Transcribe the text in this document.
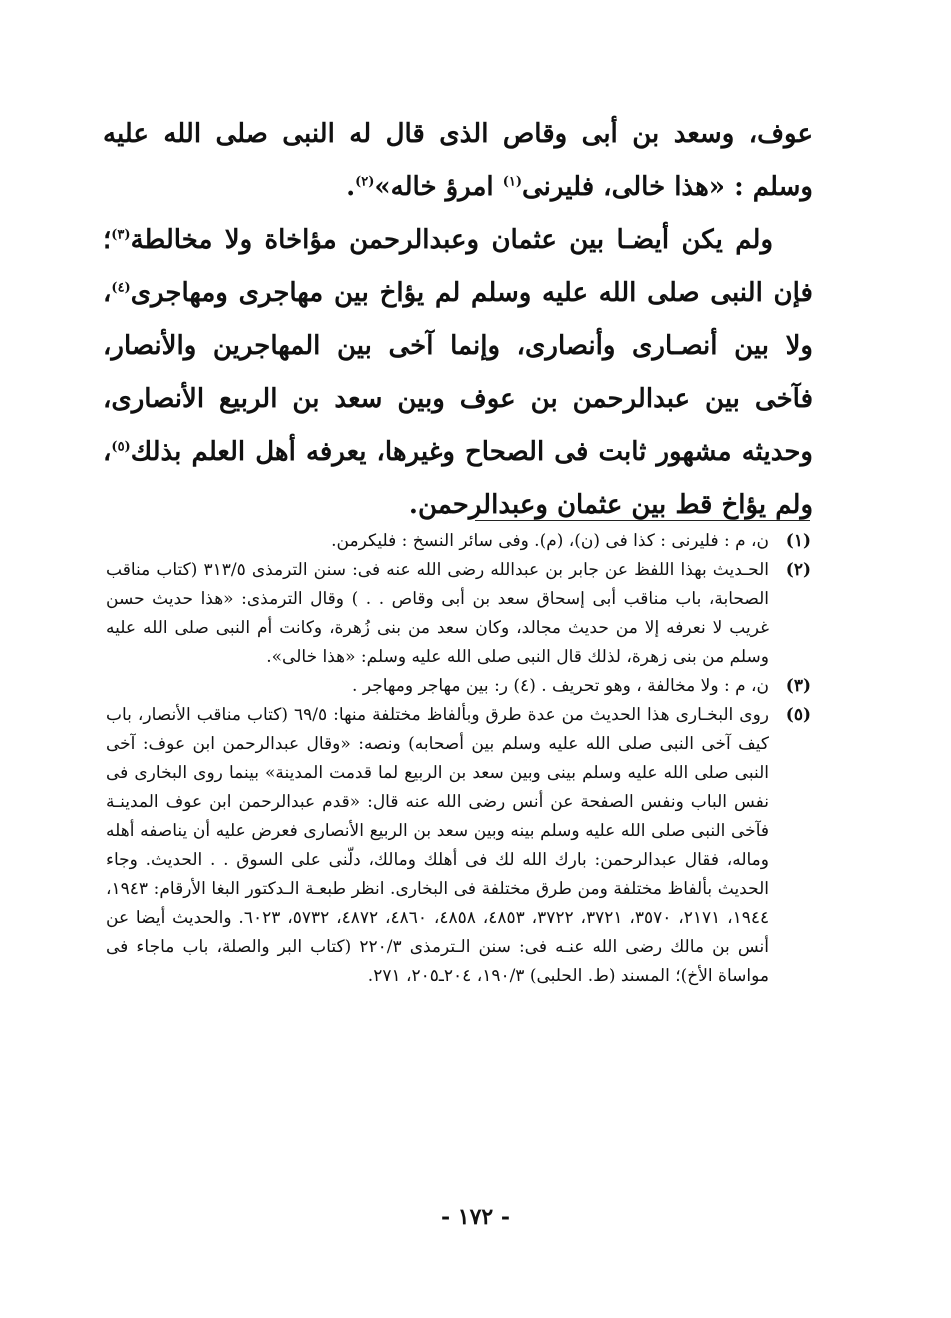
عوف، وسعد بن أبى وقاص الذى قال له النبى صلى الله عليه وسلم : «هذا خالى، فليرنى$^{(١)}$ امرؤ خاله»$^{(٢)}$.

ولم يكن أيضـا بين عثمان وعبدالرحمن مؤاخاة ولا مخالطة$^{(٣)}$؛ فإن النبى صلى الله عليه وسلم لم يؤاخ بين مهاجرى ومهاجرى$^{(٤)}$، ولا بين أنصـارى وأنصارى، وإنما آخى بين المهاجرين والأنصار، فآخى بين عبدالرحمن بن عوف وبين سعد بن الربيع الأنصارى، وحديثه مشهور ثابت فى الصحاح وغيرها، يعرفه أهل العلم بذلك$^{(٥)}$، ولم يؤاخ قط بين عثمان وعبدالرحمن.

(١)
ن، م : فليرنى : كذا فى (ن)، (م). وفى سائر النسخ : فليكرمن.
(٢)
الحـديث بهذا اللفظ عن جابر بن عبدالله رضى الله عنه فى: سنن الترمذى ٣١٣/٥ (كتاب مناقب الصحابة، باب مناقب أبى إسحاق سعد بن أبى وقاص . . ) وقال الترمذى: «هذا حديث حسن غريب لا نعرفه إلا من حديث مجالد، وكان سعد من بنى زُهرة، وكانت أم النبى صلى الله عليه وسلم من بنى زهرة، لذلك قال النبى صلى الله عليه وسلم: «هذا خالى».
(٣)
ن، م : ولا مخالفة ، وهو تحريف . (٤) ر: بين مهاجر ومهاجر .
(٥)
روى البخـارى هذا الحديث من عدة طرق وبألفاظ مختلفة منها: ٦٩/٥ (كتاب مناقب الأنصار، باب كيف آخى النبى صلى الله عليه وسلم بين أصحابه) ونصه: «وقال عبدالرحمن ابن عوف: آخى النبى صلى الله عليه وسلم بينى وبين سعد بن الربيع لما قدمت المدينة» بينما روى البخارى فى نفس الباب ونفس الصفحة عن أنس رضى الله عنه قال: «قدم عبدالرحمن ابن عوف المدينـة فآخى النبى صلى الله عليه وسلم بينه وبين سعد بن الربيع الأنصارى فعرض عليه أن يناصفه أهله وماله، فقال عبدالرحمن: بارك الله لك فى أهلك ومالك، دلّنى على السوق . . الحديث. وجاء الحديث بألفاظ مختلفة ومن طرق مختلفة فى البخارى. انظر طبعـة الـدكتور البغا الأرقام: ١٩٤٣، ١٩٤٤، ٢١٧١، ٣٥٧٠، ٣٧٢١، ٣٧٢٢، ٤٨٥٣، ٤٨٥٨، ٤٨٦٠، ٤٨٧٢، ٥٧٣٢، ٦٠٢٣. والحديث أيضا عن أنس بن مالك رضى الله عنـه فى: سنن الـترمذى ٢٢٠/٣ (كتاب البر والصلة، باب ماجاء فى مواساة الأخ)؛ المسند (ط. الحلبى) ١٩٠/٣، ٢٠٤ـ٢٠٥، ٢٧١.
- ١٧٢ -
